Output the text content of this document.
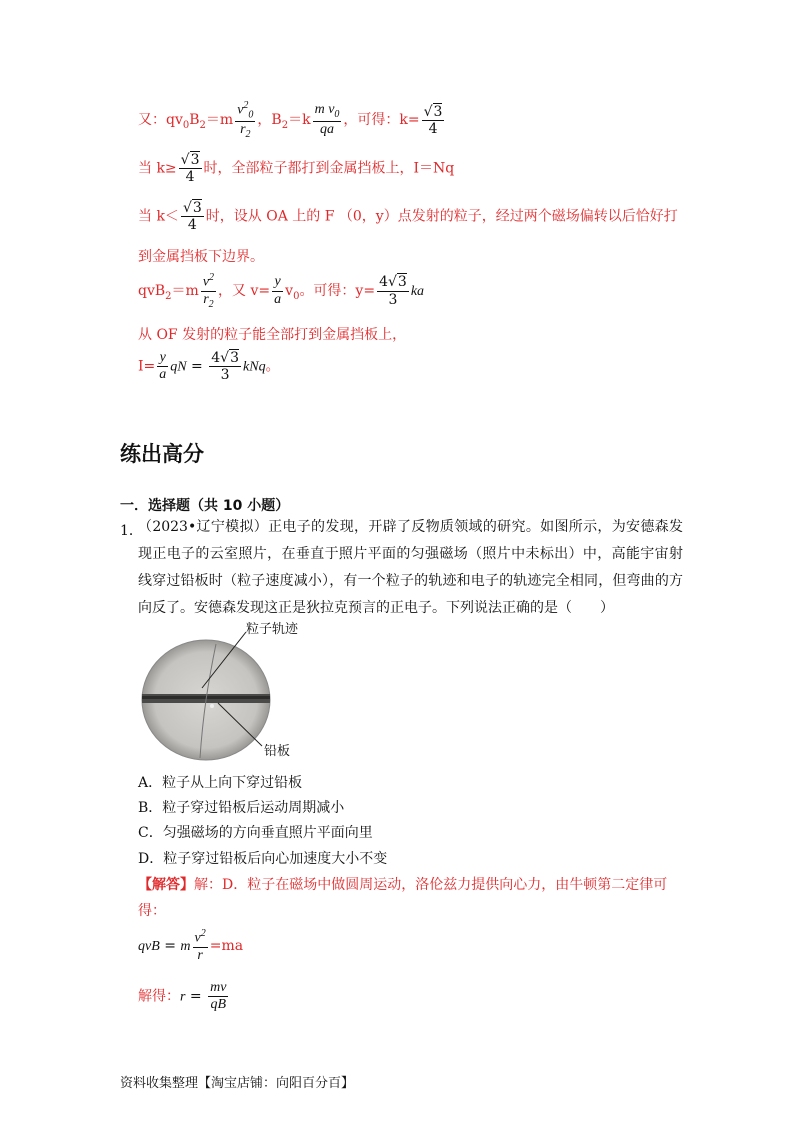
又：$qv_0B_2=m \frac{v^2_0}{r_2}$ ，$B_2=k \frac{m v_0}{qa}$ ，可得：$k= \frac{√3}{4}$
当 $k\ge \frac{√3}{4}$ 时，全部粒子都打到金属挡板上，I＝Nq
当 $k< \frac{√3}{4}$ 时，设从 OA 上的 F （0，y）点发射的粒子，经过两个磁场偏转以后恰好打
到金属挡板下边界。
$qvB_2=m \frac{v^2}{r_2}$ ，又 $v= \frac{y}{a} v_0$。可得：$y= \frac{4√3}{3}$ ka
从 OF 发射的粒子能全部打到金属挡板上，
$I= \frac{y}{a}$ qN = $\frac{4√3}{3}$ kNq。
练出高分
一．选择题（共 10 小题）
1．
（2023•辽宁模拟）正电子的发现，开辟了反物质领域的研究。如图所示，为安德森发现正电子的云室照片，在垂直于照片平面的匀强磁场（照片中未标出）中，高能宇宙射线穿过铅板时（粒子速度减小），有一个粒子的轨迹和电子的轨迹完全相同，但弯曲的方向反了。安德森发现这正是狄拉克预言的正电子。下列说法正确的是（　　）
粒子轨迹
铅板
A．粒子从上向下穿过铅板
B．粒子穿过铅板后运动周期减小
C．匀强磁场的方向垂直照片平面向里
D．粒子穿过铅板后向心加速度大小不变
【解答】解：D．粒子在磁场中做圆周运动，洛伦兹力提供向心力，由牛顿第二定律可
得：
qvB = m $\frac{v^2}{r} =ma$
解得：$r = \frac{mv}{qB}$
资料收集整理【淘宝店铺：向阳百分百】
